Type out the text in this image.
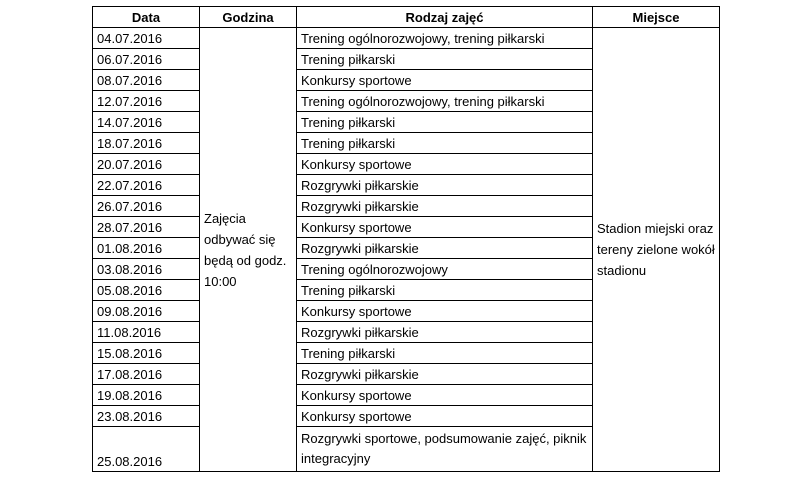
Data	Godzina	Rodzaj zajęć	Miejsce
04.07.2016	Zajęcia odbywać się będą od godz. 10:00	Trening ogólnorozwojowy, trening piłkarski	Stadion miejski oraz tereny zielone wokół stadionu
06.07.2016		Trening piłkarski	
08.07.2016		Konkursy sportowe	
12.07.2016		Trening ogólnorozwojowy, trening piłkarski	
14.07.2016		Trening piłkarski	
18.07.2016		Trening piłkarski	
20.07.2016		Konkursy sportowe	
22.07.2016		Rozgrywki piłkarskie	
26.07.2016		Rozgrywki piłkarskie	
28.07.2016		Konkursy sportowe	
01.08.2016		Rozgrywki piłkarskie	
03.08.2016		Trening ogólnorozwojowy	
05.08.2016		Trening piłkarski	
09.08.2016		Konkursy sportowe	
11.08.2016		Rozgrywki piłkarskie	
15.08.2016		Trening piłkarski	
17.08.2016		Rozgrywki piłkarskie	
19.08.2016		Konkursy sportowe	
23.08.2016		Konkursy sportowe	
25.08.2016		Rozgrywki sportowe, podsumowanie zajęć, piknik integracyjny	
